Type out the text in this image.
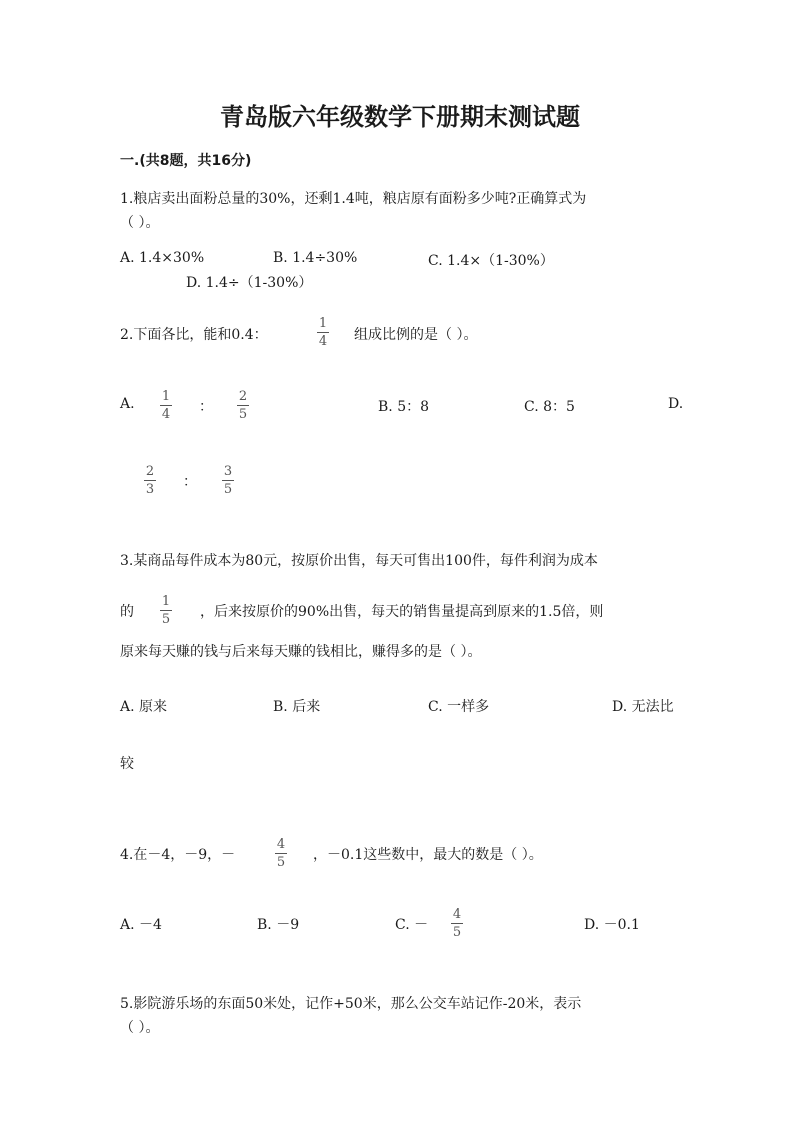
青岛版六年级数学下册期末测试题
一.(共8题，共16分)
1.粮店卖出面粉总量的30%，还剩1.4吨，粮店原有面粉多少吨?正确算式为
（ ）。
A. 1.4×30%	B. 1.4÷30%	C. 1.4×（1-30%）
D. 1.4÷（1-30%）
2.下面各比，能和0.4：
1
4 组成比例的是（ ）。
A. 1
4 ：
2
5	B. 5：8	C. 8：5	D.
2
3 ：
3
5
3.某商品每件成本为80元，按原价出售，每天可售出100件，每件利润为成本
的
1
5 ，后来按原价的90%出售，每天的销售量提高到原来的1.5倍，则
原来每天赚的钱与后来每天赚的钱相比，赚得多的是（ ）。
A. 原来	B. 后来	C. 一样多	D. 无法比
较
4.在－4，－9，－
4
5 ，－0.1这些数中，最大的数是（ ）。
A. －4	B. －9	C. －
4
5	D. －0.1
5.影院游乐场的东面50米处，记作+50米，那么公交车站记作-20米，表示
（ ）。
